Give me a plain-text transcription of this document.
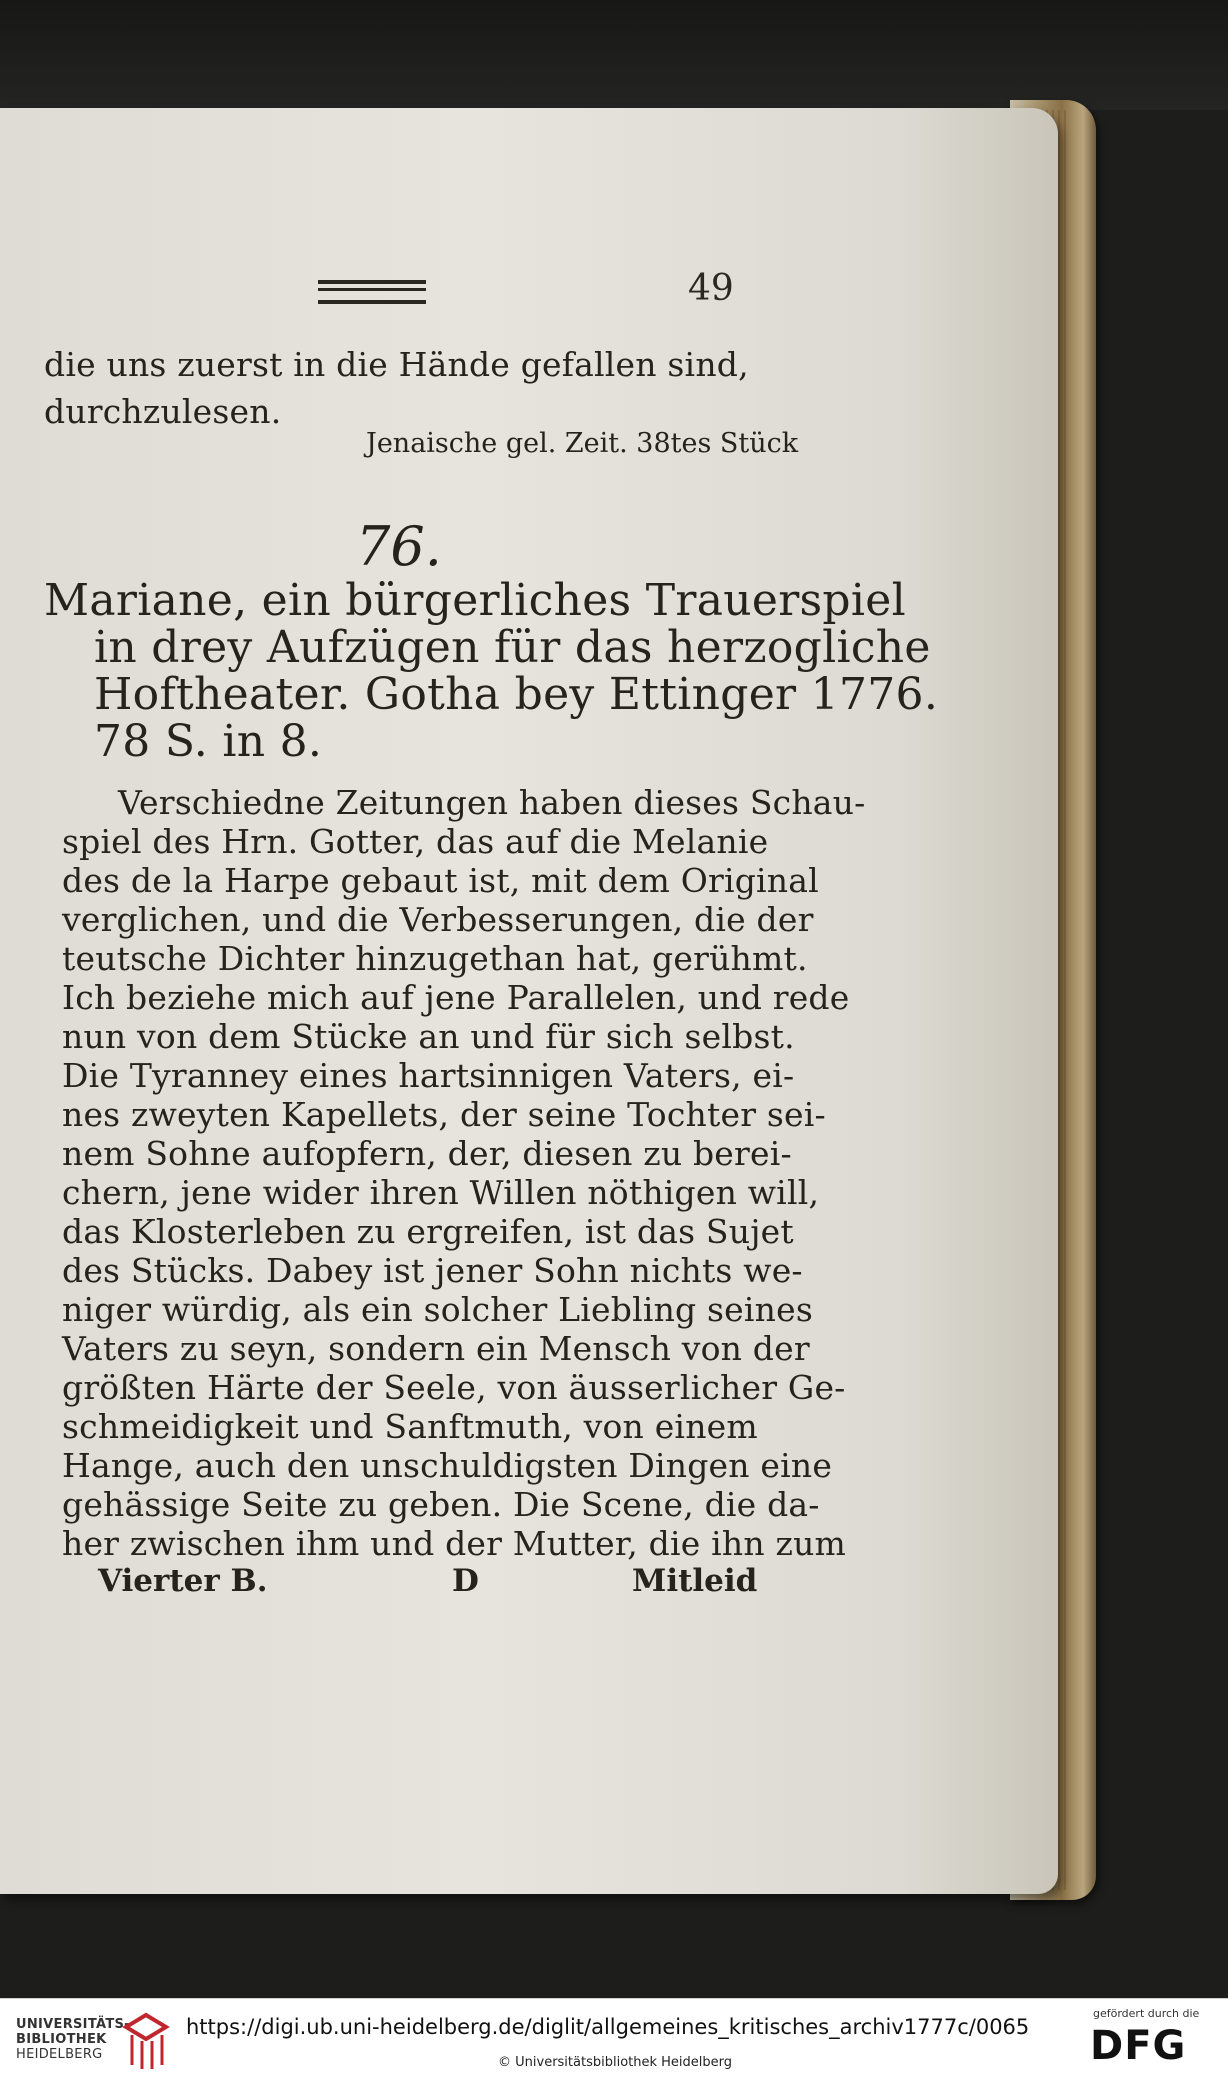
49
die uns zuerst in die Hände gefallen sind,
durchzulesen.
Jenaische gel. Zeit. 38tes Stück
76.
Mariane, ein bürgerliches Trauerspiel
in drey Aufzügen für das herzogliche
Hoftheater. Gotha bey Ettinger 1776.
78 S. in 8.
Verschiedne Zeitungen haben dieses Schau-
spiel des Hrn. Gotter, das auf die Melanie
des de la Harpe gebaut ist, mit dem Original
verglichen, und die Verbesserungen, die der
teutsche Dichter hinzugethan hat, gerühmt.
Ich beziehe mich auf jene Parallelen, und rede
nun von dem Stücke an und für sich selbst.
Die Tyranney eines hartsinnigen Vaters, ei-
nes zweyten Kapellets, der seine Tochter sei-
nem Sohne aufopfern, der, diesen zu berei-
chern, jene wider ihren Willen nöthigen will,
das Klosterleben zu ergreifen, ist das Sujet
des Stücks. Dabey ist jener Sohn nichts we-
niger würdig, als ein solcher Liebling seines
Vaters zu seyn, sondern ein Mensch von der
größten Härte der Seele, von äusserlicher Ge-
schmeidigkeit und Sanftmuth, von einem
Hange, auch den unschuldigsten Dingen eine
gehässige Seite zu geben. Die Scene, die da-
her zwischen ihm und der Mutter, die ihn zum
Vierter B.	D	Mitleid
UNIVERSITÄTS-
BIBLIOTHEK
HEIDELBERG
https://digi.ub.uni-heidelberg.de/diglit/allgemeines_kritisches_archiv1777c/0065
© Universitätsbibliothek Heidelberg
gefördert durch die
DFG
